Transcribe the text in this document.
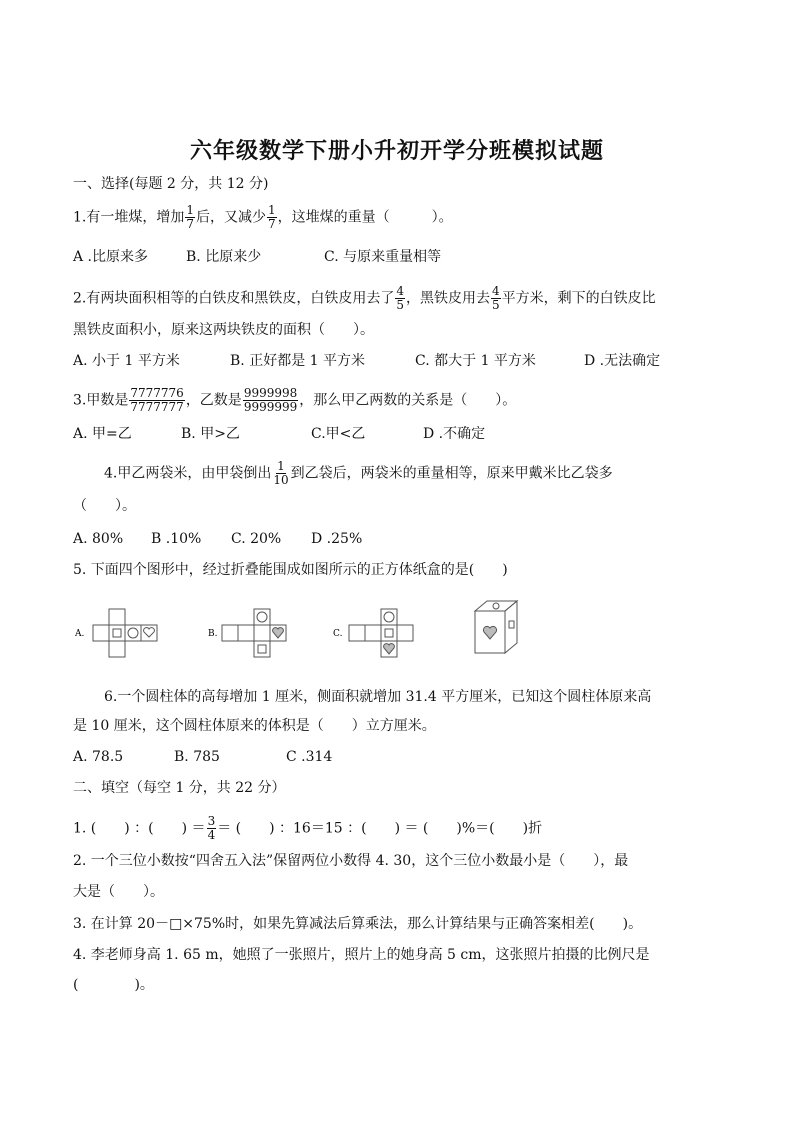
六年级数学下册小升初开学分班模拟试题
一、选择(每题 2 分，共 12 分)
1.有一堆煤，增加 $\frac{1}{7}$ 后，又减少 $\frac{1}{7}$ ，这堆煤的重量（　　　）。
A .比原来多	B. 比原来少	C. 与原来重量相等
2.有两块面积相等的白铁皮和黑铁皮，白铁皮用去了 $\frac{4}{5}$ ，黑铁皮用去 $\frac{4}{5}$ 平方米，剩下的白铁皮比
黑铁皮面积小，原来这两块铁皮的面积（　　）。
A. 小于 1 平方米	B. 正好都是 1 平方米	C. 都大于 1 平方米	D .无法确定
3.甲数是 $\frac{7777776}{7777777}$ ，乙数是 $\frac{9999998}{9999999}$ ，那么甲乙两数的关系是（　　）。
A. 甲=乙	B. 甲>乙	C.甲<乙	D .不确定
4.甲乙两袋米，由甲袋倒出 $\frac{1}{10}$ 到乙袋后，两袋米的重量相等，原来甲戴米比乙袋多
（　　）。
A. 80% B .10% C. 20% D .25%
5. 下面四个图形中，经过折叠能围成如图所示的正方体纸盒的是(　　)
A.	B.	C.
6.一个圆柱体的高每增加 1 厘米，侧面积就增加 31.4 平方厘米，已知这个圆柱体原来高
是 10 厘米，这个圆柱体原来的体积是（　　）立方厘米。
A. 78.5	B. 785	C .314
二、填空（每空 1 分，共 22 分）
1. (　　) ：(　　) ＝ $\frac{3}{4}$ ＝ (　　) ：16＝15 ：(　　) ＝ (　　)%＝(　　)折
2. 一个三位小数按“四舍五入法”保留两位小数得 4. 30，这个三位小数最小是（　　），最
大是（　　）。
3. 在计算 20－□×75%时，如果先算减法后算乘法，那么计算结果与正确答案相差(　　)。
4. 李老师身高 1. 65 m，她照了一张照片，照片上的她身高 5 cm，这张照片拍摄的比例尺是
(　　　　)。
